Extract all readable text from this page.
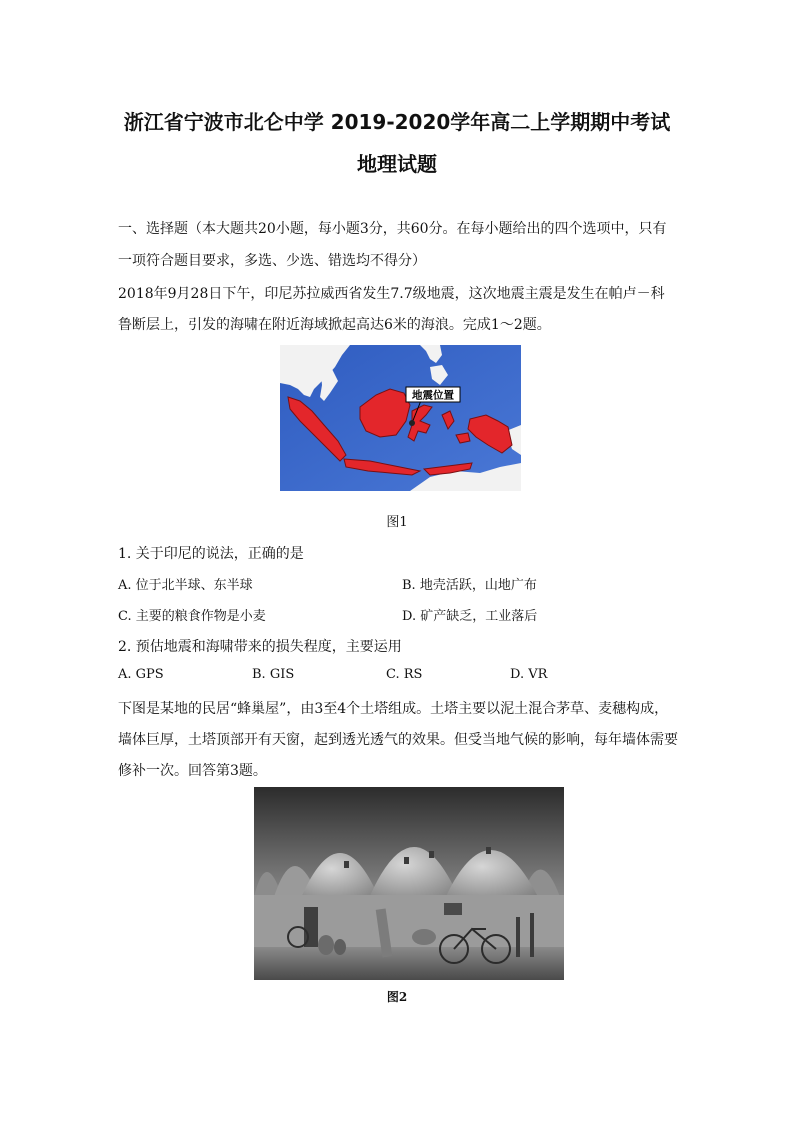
浙江省宁波市北仑中学 2019-2020学年高二上学期期中考试
地理试题
一、选择题（本大题共20小题，每小题3分，共60分。在每小题给出的四个选项中，只有
一项符合题目要求，多选、少选、错选均不得分）
2018年9月28日下午，印尼苏拉威西省发生7.7级地震，这次地震主震是发生在帕卢－科
鲁断层上，引发的海啸在附近海域掀起高达6米的海浪。完成1～2题。
地震位置
图1
1. 关于印尼的说法，正确的是
A. 位于北半球、东半球	B. 地壳活跃，山地广布
C. 主要的粮食作物是小麦	D. 矿产缺乏，工业落后
2. 预估地震和海啸带来的损失程度，主要运用
A. GPS	B. GIS	C. RS	D. VR
下图是某地的民居“蜂巢屋”，由3至4个土塔组成。土塔主要以泥土混合茅草、麦穗构成，
墙体巨厚，土塔顶部开有天窗，起到透光透气的效果。但受当地气候的影响，每年墙体需要
修补一次。回答第3题。
图2
